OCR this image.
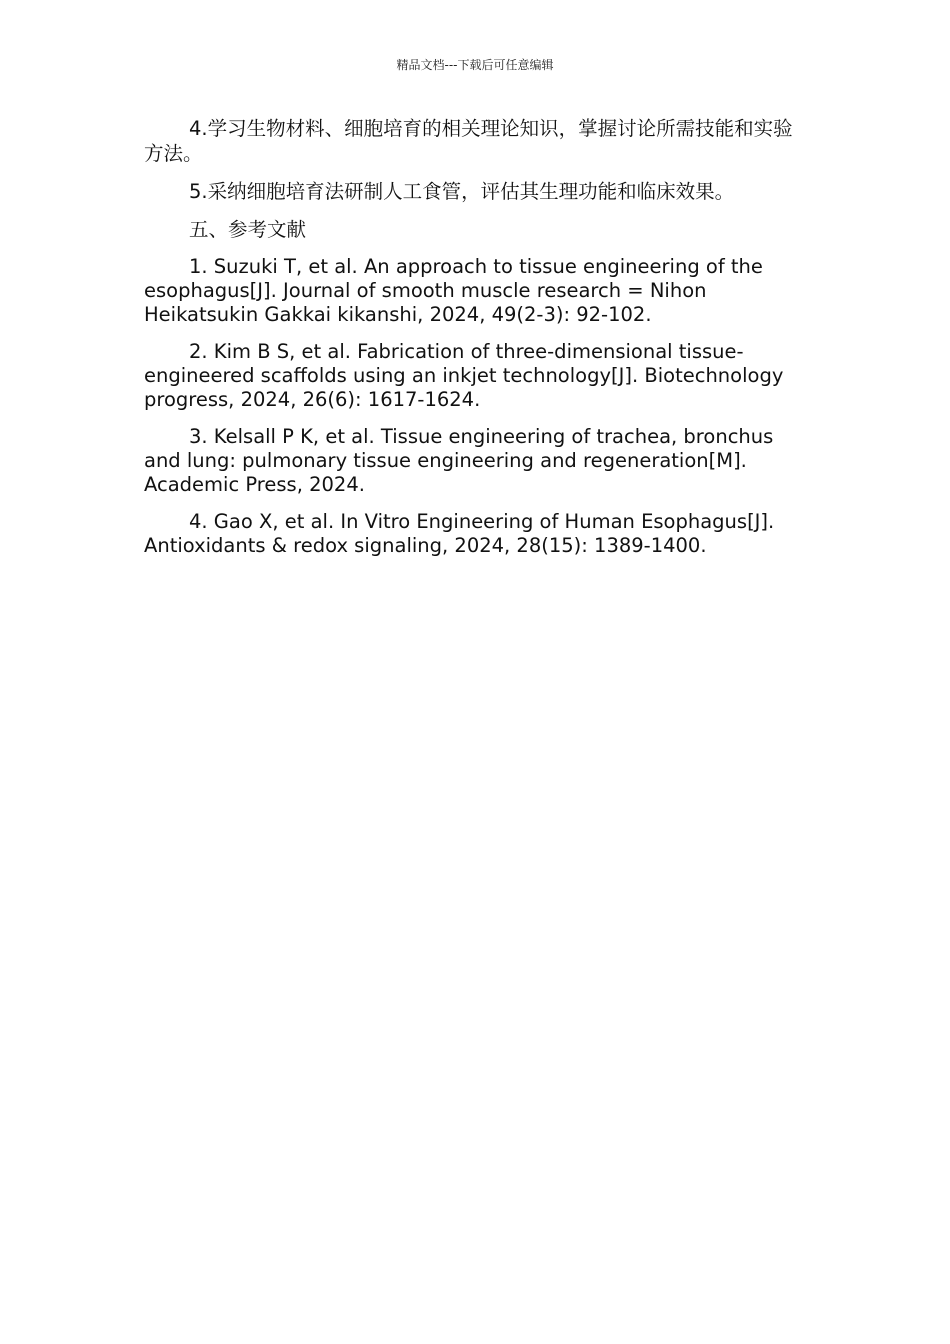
精品文档---下载后可任意编辑

4.学习生物材料、细胞培育的相关理论知识，掌握讨论所需技能和实验方法。

5.采纳细胞培育法研制人工食管，评估其生理功能和临床效果。

五、参考文献

1. Suzuki T, et al. An approach to tissue engineering of the esophagus[J]. Journal of smooth muscle research = Nihon Heikatsukin Gakkai kikanshi, 2024, 49(2-3): 92-102.

2. Kim B S, et al. Fabrication of three-dimensional tissue-engineered scaffolds using an inkjet technology[J]. Biotechnology progress, 2024, 26(6): 1617-1624.

3. Kelsall P K, et al. Tissue engineering of trachea, bronchus and lung: pulmonary tissue engineering and regeneration[M]. Academic Press, 2024.

4. Gao X, et al. In Vitro Engineering of Human Esophagus[J]. Antioxidants & redox signaling, 2024, 28(15): 1389-1400.
